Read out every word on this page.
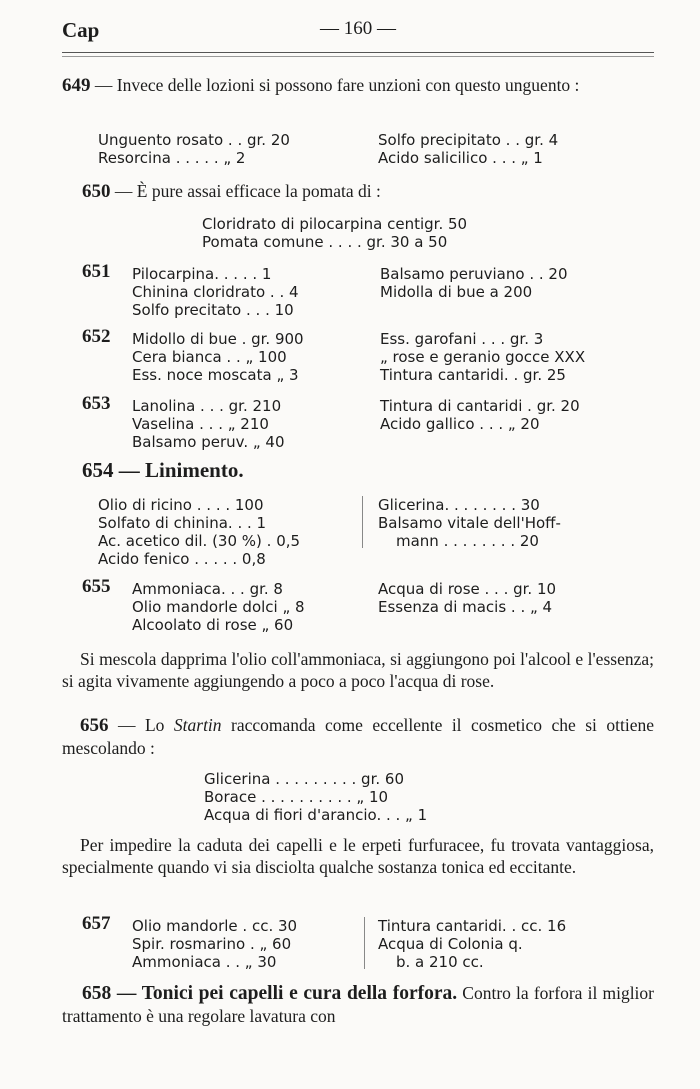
Cap	— 160 —
649 — Invece delle lozioni si possono fare unzioni con questo unguento :
Unguento rosato . . gr. 20
Resorcina . . . . . „ 2
Solfo precipitato . . gr. 4
Acido salicilico . . . „ 1
650 — È pure assai efficace la pomata di :
Cloridrato di pilocarpina centigr. 50
Pomata comune . . . . gr. 30 a 50
651 Pilocarpina. . . . . 1
Chinina cloridrato . . 4
Solfo precitato . . . 10
Balsamo peruviano . . 20
Midolla di bue a 200
652 Midollo di bue . gr. 900
Cera bianca . . „ 100
Ess. noce moscata „ 3
Ess. garofani . . . gr. 3
„ rose e geranio gocce XXX
Tintura cantaridi. . gr. 25
653 Lanolina . . . gr. 210
Vaselina . . . „ 210
Balsamo peruv. „ 40
Tintura di cantaridi . gr. 20
Acido gallico . . . „ 20
654 — Linimento.
Olio di ricino . . . . 100
Solfato di chinina. . . 1
Ac. acetico dil. (30 %) . 0,5
Acido fenico . . . . . 0,8
Glicerina. . . . . . . . 30
Balsamo vitale dell'Hoff-
mann . . . . . . . . 20
655 Ammoniaca. . . gr. 8
Olio mandorle dolci „ 8
Alcoolato di rose „ 60
Acqua di rose . . . gr. 10
Essenza di macis . . „ 4
Si mescola dapprima l'olio coll'ammoniaca, si aggiungono poi l'alcool e l'essenza; si agita vivamente aggiungendo a poco a poco l'acqua di rose.
656 — Lo Startin raccomanda come eccellente il cosmetico che si ottiene mescolando :
Glicerina . . . . . . . . . gr. 60
Borace . . . . . . . . . . „ 10
Acqua di fiori d'arancio. . . „ 1
Per impedire la caduta dei capelli e le erpeti furfuracee, fu trovata vantaggiosa, specialmente quando vi sia disciolta qualche sostanza tonica ed eccitante.
657 Olio mandorle . cc. 30
Spir. rosmarino . „ 60
Ammoniaca . . „ 30
Tintura cantaridi. . cc. 16
Acqua di Colonia q.
b. a 210 cc.
658 — Tonici pei capelli e cura della forfora. Contro la forfora il miglior trattamento è una regolare lavatura con
